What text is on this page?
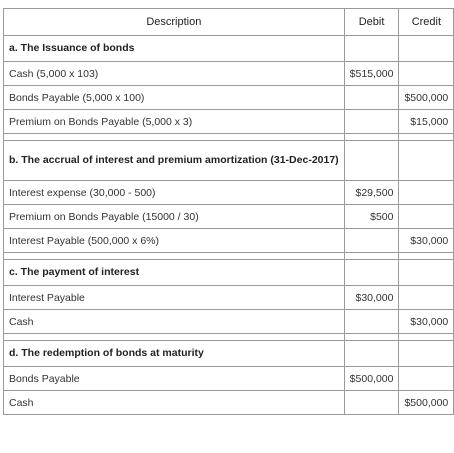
Description	Debit	Credit
a. The Issuance of bonds		
Cash (5,000 x 103)	$515,000	
Bonds Payable (5,000 x 100)		$500,000
Premium on Bonds Payable (5,000 x 3)		$15,000

b. The accrual of interest and premium amortization (31-Dec-2017)		
Interest expense (30,000 - 500)	$29,500	
Premium on Bonds Payable (15000 / 30)	$500	
Interest Payable (500,000 x 6%)		$30,000

c. The payment of interest		
Interest Payable	$30,000	
Cash		$30,000

d. The redemption of bonds at maturity		
Bonds Payable	$500,000	
Cash		$500,000
